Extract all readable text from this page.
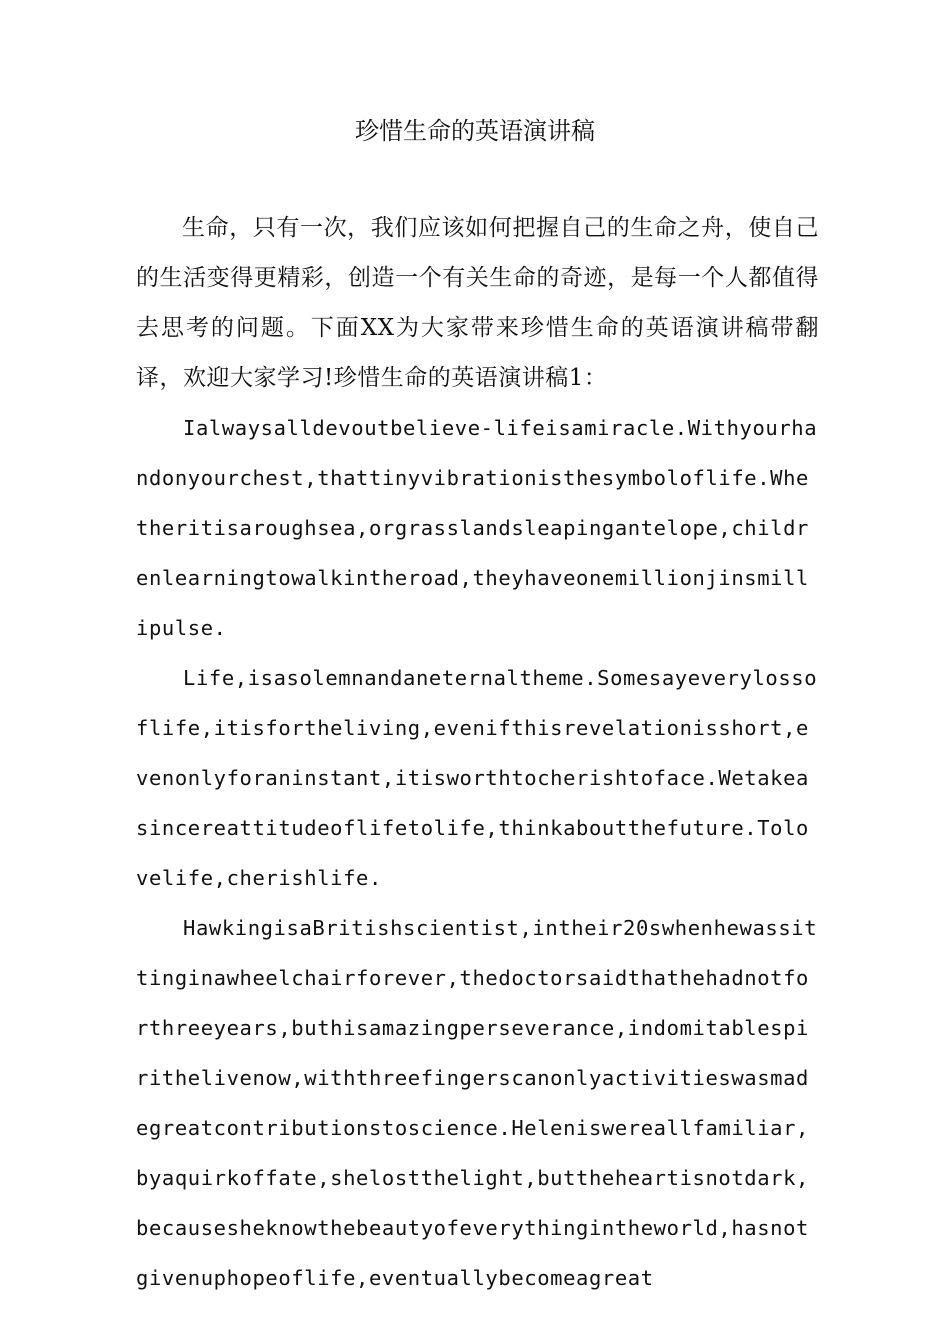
珍惜生命的英语演讲稿

生命，只有一次，我们应该如何把握自己的生命之舟，使自己的生活变得更精彩，创造一个有关生命的奇迹，是每一个人都值得去思考的问题。下面XX为大家带来珍惜生命的英语演讲稿带翻译，欢迎大家学习!珍惜生命的英语演讲稿1：

Ialwaysalldevoutbelieve-lifeisamiracle.Withyourhandonyourchest,thattinyvibrationisthesymboloflife.Whetheritisaroughsea,orgrasslandsleapingantelope,childrenlearningtowalkintheroad,theyhaveonemillionjinsmillipulse.

Life,isasolemnandaneternaltheme.Somesayeverylossoflife,itisfortheliving,evenifthisrevelationisshort,evenonlyforaninstant,itisworthtocherishtoface.Wetakeasincereattitudeoflifetolife,thinkaboutthefuture.Tolovelife,cherishlife.

HawkingisaBritishscientist,intheir20swhenhewassittinginawheelchairforever,thedoctorsaidthathehadnotforthreeyears,buthisamazingperseverance,indomitablespirithelivenow,withthreefingerscanonlyactivitieswasmadegreatcontributionstoscience.Heleniswereallfamiliar,byaquirkoffate,shelostthelight,buttheheartisnotdark,becausesheknowthebeautyofeverythingintheworld,hasnotgivenuphopeoflife,eventuallybecomeagreat
